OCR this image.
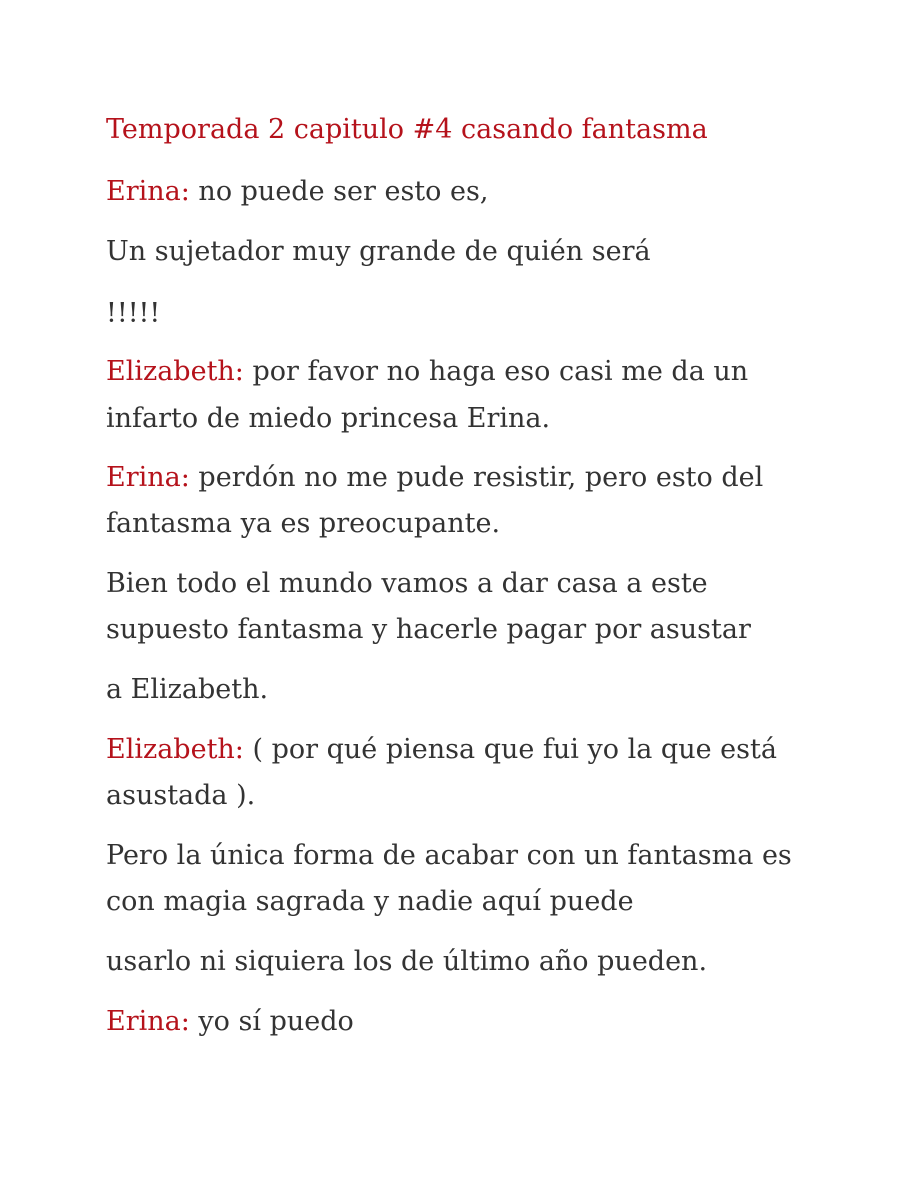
Temporada 2 capitulo #4 casando fantasma
Erina: no puede ser esto es,
Un sujetador muy grande de quién será
!!!!!
Elizabeth: por favor no haga eso casi me da un
infarto de miedo princesa Erina.
Erina: perdón no me pude resistir, pero esto del
fantasma ya es preocupante.
Bien todo el mundo vamos a dar casa a este
supuesto fantasma y hacerle pagar por asustar
a Elizabeth.
Elizabeth: ( por qué piensa que fui yo la que está
asustada ).
Pero la única forma de acabar con un fantasma es
con magia sagrada y nadie aquí puede
usarlo ni siquiera los de último año pueden.
Erina: yo sí puedo
